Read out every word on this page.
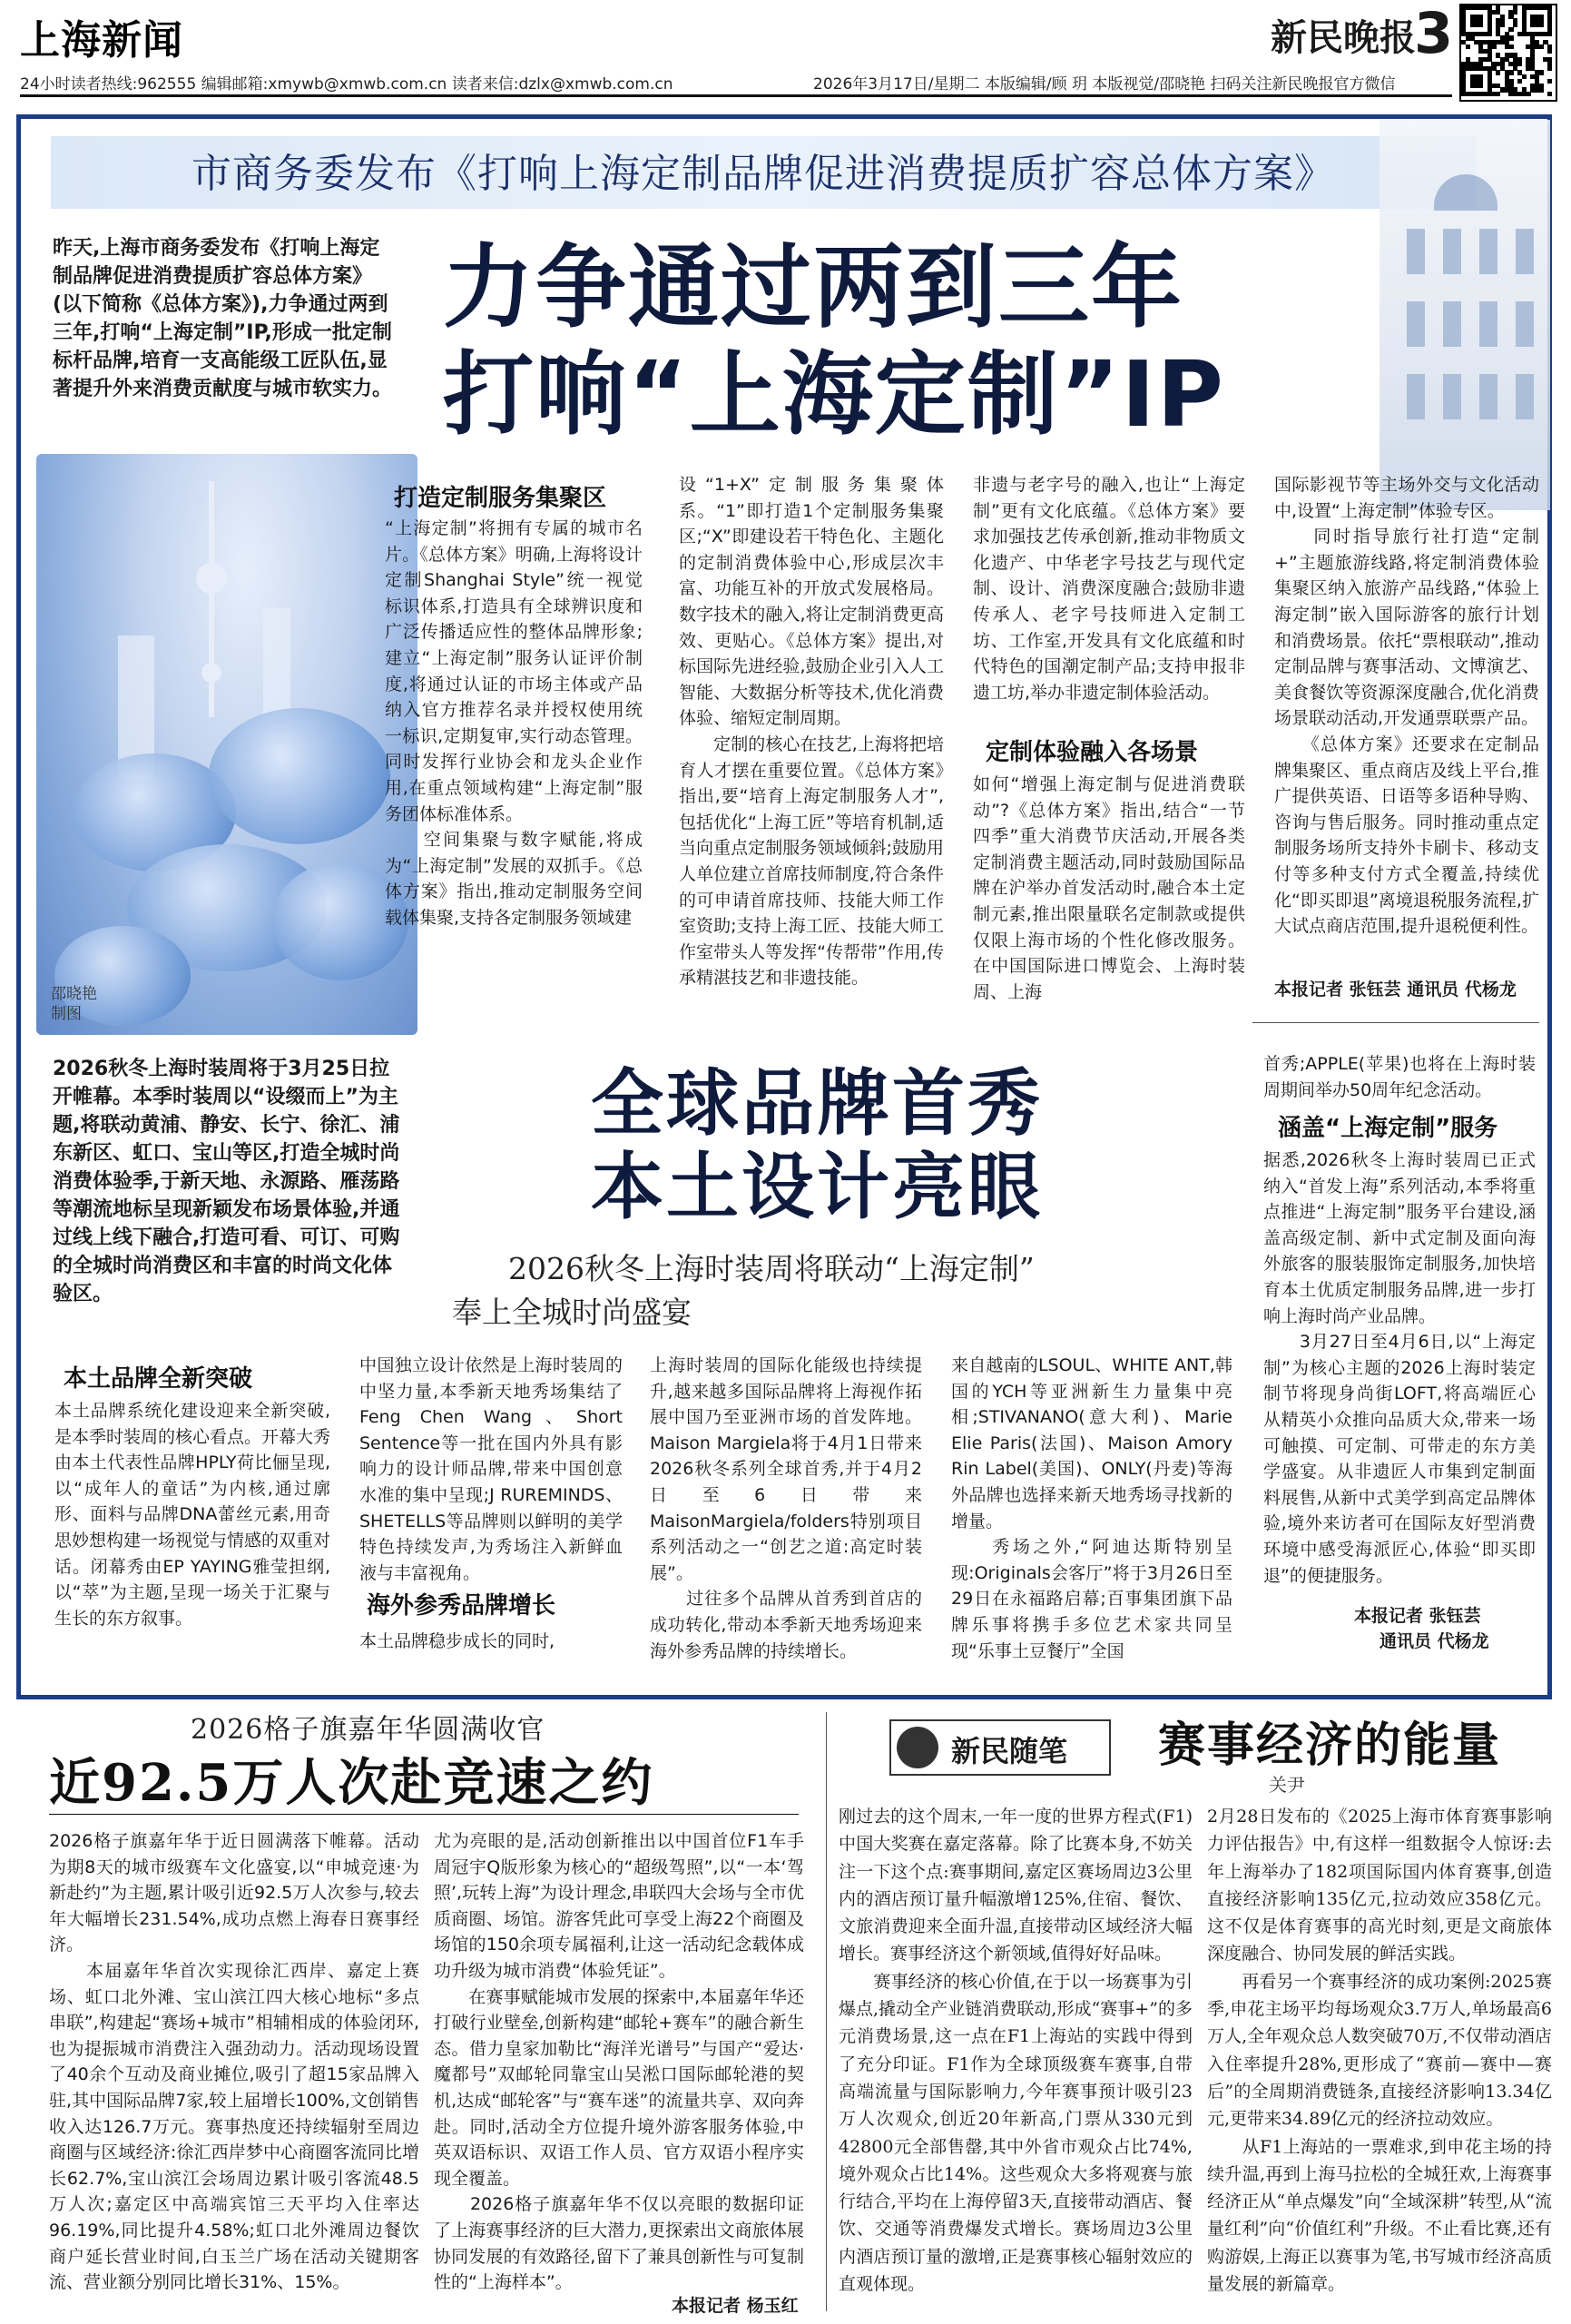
上海新闻	新民晚报
3
24小时读者热线:962555 编辑邮箱:xmywb@xmwb.com.cn 读者来信:dzlx@xmwb.com.cn	2026年3月17日/星期二 本版编辑/顾 玥 本版视觉/邵晓艳 扫码关注新民晚报官方微信
市商务委发布《打响上海定制品牌促进消费提质扩容总体方案》
昨天,上海市商务委发布《打响上海定制品牌促进消费提质扩容总体方案》(以下简称《总体方案》),力争通过两到三年,打响“上海定制”IP,形成一批定制标杆品牌,培育一支高能级工匠队伍,显著提升外来消费贡献度与城市软实力。
力争通过两到三年
打响“上海定制”IP
邵晓艳
制图
打造定制服务集聚区
“上海定制”将拥有专属的城市名片。《总体方案》明确,上海将设计定制Shanghai Style”统一视觉标识体系,打造具有全球辨识度和广泛传播适应性的整体品牌形象;建立“上海定制”服务认证评价制度,将通过认证的市场主体或产品纳入官方推荐名录并授权使用统一标识,定期复审,实行动态管理。同时发挥行业协会和龙头企业作用,在重点领域构建“上海定制”服务团体标准体系。
　　空间集聚与数字赋能,将成为“上海定制”发展的双抓手。《总体方案》指出,推动定制服务空间载体集聚,支持各定制服务领域建
设“1+X”定制服务集聚体系。“1”即打造1个定制服务集聚区;“X”即建设若干特色化、主题化的定制消费体验中心,形成层次丰富、功能互补的开放式发展格局。数字技术的融入,将让定制消费更高效、更贴心。《总体方案》提出,对标国际先进经验,鼓励企业引入人工智能、大数据分析等技术,优化消费体验、缩短定制周期。
　　定制的核心在技艺,上海将把培育人才摆在重要位置。《总体方案》指出,要“培育上海定制服务人才”,包括优化“上海工匠”等培育机制,适当向重点定制服务领域倾斜;鼓励用人单位建立首席技师制度,符合条件的可申请首席技师、技能大师工作室资助;支持上海工匠、技能大师工作室带头人等发挥“传帮带”作用,传承精湛技艺和非遗技能。
非遗与老字号的融入,也让“上海定制”更有文化底蕴。《总体方案》要求加强技艺传承创新,推动非物质文化遗产、中华老字号技艺与现代定制、设计、消费深度融合;鼓励非遗传承人、老字号技师进入定制工坊、工作室,开发具有文化底蕴和时代特色的国潮定制产品;支持申报非遗工坊,举办非遗定制体验活动。
定制体验融入各场景
如何“增强上海定制与促进消费联动”?《总体方案》指出,结合“一节四季”重大消费节庆活动,开展各类定制消费主题活动,同时鼓励国际品牌在沪举办首发活动时,融合本土定制元素,推出限量联名定制款或提供仅限上海市场的个性化修改服务。在中国国际进口博览会、上海时装周、上海
国际影视节等主场外交与文化活动中,设置“上海定制”体验专区。
　　同时指导旅行社打造“定制+”主题旅游线路,将定制消费体验集聚区纳入旅游产品线路,“体验上海定制”嵌入国际游客的旅行计划和消费场景。依托“票根联动”,推动定制品牌与赛事活动、文博演艺、美食餐饮等资源深度融合,优化消费场景联动活动,开发通票联票产品。
　　《总体方案》还要求在定制品牌集聚区、重点商店及线上平台,推广提供英语、日语等多语种导购、咨询与售后服务。同时推动重点定制服务场所支持外卡刷卡、移动支付等多种支付方式全覆盖,持续优化“即买即退”离境退税服务流程,扩大试点商店范围,提升退税便利性。
本报记者 张钰芸 通讯员 代杨龙
2026秋冬上海时装周将于3月25日拉开帷幕。本季时装周以“设缀而上”为主题,将联动黄浦、静安、长宁、徐汇、浦东新区、虹口、宝山等区,打造全城时尚消费体验季,于新天地、永源路、雁荡路等潮流地标呈现新颖发布场景体验,并通过线上线下融合,打造可看、可订、可购的全城时尚消费区和丰富的时尚文化体验区。
全球品牌首秀
本土设计亮眼
2026秋冬上海时装周将联动“上海定制”
奉上全城时尚盛宴
首秀;APPLE(苹果)也将在上海时装周期间举办50周年纪念活动。
涵盖“上海定制”服务
据悉,2026秋冬上海时装周已正式纳入“首发上海”系列活动,本季将重点推进“上海定制”服务平台建设,涵盖高级定制、新中式定制及面向海外旅客的服装服饰定制服务,加快培育本土优质定制服务品牌,进一步打响上海时尚产业品牌。
　　3月27日至4月6日,以“上海定制”为核心主题的2026上海时装定制节将现身尚街LOFT,将高端匠心从精英小众推向品质大众,带来一场可触摸、可定制、可带走的东方美学盛宴。从非遗匠人市集到定制面料展售,从新中式美学到高定品牌体验,境外来访者可在国际友好型消费环境中感受海派匠心,体验“即买即退”的便捷服务。
本报记者 张钰芸
通讯员 代杨龙
本土品牌全新突破
本土品牌系统化建设迎来全新突破,是本季时装周的核心看点。开幕大秀由本土代表性品牌HPLY荷比俪呈现,以“成年人的童话”为内核,通过廓形、面料与品牌DNA蕾丝元素,用奇思妙想构建一场视觉与情感的双重对话。闭幕秀由EP YAYING雅莹担纲,以“萃”为主题,呈现一场关于汇聚与生长的东方叙事。
中国独立设计依然是上海时装周的中坚力量,本季新天地秀场集结了Feng Chen Wang、Short Sentence等一批在国内外具有影响力的设计师品牌,带来中国创意水准的集中呈现;J RUREMINDS、SHETELLS等品牌则以鲜明的美学特色持续发声,为秀场注入新鲜血液与丰富视角。
海外参秀品牌增长
本土品牌稳步成长的同时,
上海时装周的国际化能级也持续提升,越来越多国际品牌将上海视作拓展中国乃至亚洲市场的首发阵地。Maison Margiela将于4月1日带来2026秋冬系列全球首秀,并于4月2日至6日带来MaisonMargiela/folders特别项目系列活动之一“创艺之道:高定时装展”。
　　过往多个品牌从首秀到首店的成功转化,带动本季新天地秀场迎来海外参秀品牌的持续增长。
来自越南的LSOUL、WHITE ANT,韩国的YCH等亚洲新生力量集中亮相;STIVANANO(意大利)、Marie Elie Paris(法国)、Maison Amory Rin Label(美国)、ONLY(丹麦)等海外品牌也选择来新天地秀场寻找新的增量。
　　秀场之外,“阿迪达斯特别呈现:Originals会客厅”将于3月26日至29日在永福路启幕;百事集团旗下品牌乐事将携手多位艺术家共同呈现“乐事土豆餐厅”全国
2026格子旗嘉年华圆满收官
近92.5万人次赴竞速之约
2026格子旗嘉年华于近日圆满落下帷幕。活动为期8天的城市级赛车文化盛宴,以“申城竞速·为新赴约”为主题,累计吸引近92.5万人次参与,较去年大幅增长231.54%,成功点燃上海春日赛事经济。
　　本届嘉年华首次实现徐汇西岸、嘉定上赛场、虹口北外滩、宝山滨江四大核心地标“多点串联”,构建起“赛场+城市”相辅相成的体验闭环,也为提振城市消费注入强劲动力。活动现场设置了40余个互动及商业摊位,吸引了超15家品牌入驻,其中国际品牌7家,较上届增长100%,文创销售收入达126.7万元。赛事热度还持续辐射至周边商圈与区域经济:徐汇西岸梦中心商圈客流同比增长62.7%,宝山滨江会场周边累计吸引客流48.5万人次;嘉定区中高端宾馆三天平均入住率达96.19%,同比提升4.58%;虹口北外滩周边餐饮商户延长营业时间,白玉兰广场在活动关键期客流、营业额分别同比增长31%、15%。
尤为亮眼的是,活动创新推出以中国首位F1车手周冠宇Q版形象为核心的“超级驾照”,以“一本‘驾照’,玩转上海”为设计理念,串联四大会场与全市优质商圈、场馆。游客凭此可享受上海22个商圈及场馆的150余项专属福利,让这一活动纪念载体成功升级为城市消费“体验凭证”。
　　在赛事赋能城市发展的探索中,本届嘉年华还打破行业壁垒,创新构建“邮轮+赛车”的融合新生态。借力皇家加勒比“海洋光谱号”与国产“爱达·魔都号”双邮轮同靠宝山吴淞口国际邮轮港的契机,达成“邮轮客”与“赛车迷”的流量共享、双向奔赴。同时,活动全方位提升境外游客服务体验,中英双语标识、双语工作人员、官方双语小程序实现全覆盖。
　　2026格子旗嘉年华不仅以亮眼的数据印证了上海赛事经济的巨大潜力,更探索出文商旅体展协同发展的有效路径,留下了兼具创新性与可复制性的“上海样本”。
本报记者 杨玉红
新民随笔 赛事经济的能量
关尹
刚过去的这个周末,一年一度的世界方程式(F1)中国大奖赛在嘉定落幕。除了比赛本身,不妨关注一下这个点:赛事期间,嘉定区赛场周边3公里内的酒店预订量升幅激增125%,住宿、餐饮、文旅消费迎来全面升温,直接带动区域经济大幅增长。赛事经济这个新领域,值得好好品味。
　　赛事经济的核心价值,在于以一场赛事为引爆点,撬动全产业链消费联动,形成“赛事+”的多元消费场景,这一点在F1上海站的实践中得到了充分印证。F1作为全球顶级赛车赛事,自带高端流量与国际影响力,今年赛事预计吸引23万人次观众,创近20年新高,门票从330元到42800元全部售罄,其中外省市观众占比74%,境外观众占比14%。这些观众大多将观赛与旅行结合,平均在上海停留3天,直接带动酒店、餐饮、交通等消费爆发式增长。赛场周边3公里内酒店预订量的激增,正是赛事核心辐射效应的直观体现。
2月28日发布的《2025上海市体育赛事影响力评估报告》中,有这样一组数据令人惊讶:去年上海举办了182项国际国内体育赛事,创造直接经济影响135亿元,拉动效应358亿元。这不仅是体育赛事的高光时刻,更是文商旅体深度融合、协同发展的鲜活实践。
　　再看另一个赛事经济的成功案例:2025赛季,申花主场平均每场观众3.7万人,单场最高6万人,全年观众总人数突破70万,不仅带动酒店入住率提升28%,更形成了“赛前—赛中—赛后”的全周期消费链条,直接经济影响13.34亿元,更带来34.89亿元的经济拉动效应。
　　从F1上海站的一票难求,到申花主场的持续升温,再到上海马拉松的全城狂欢,上海赛事经济正从“单点爆发”向“全域深耕”转型,从“流量红利”向“价值红利”升级。不止看比赛,还有购游娱,上海正以赛事为笔,书写城市经济高质量发展的新篇章。
